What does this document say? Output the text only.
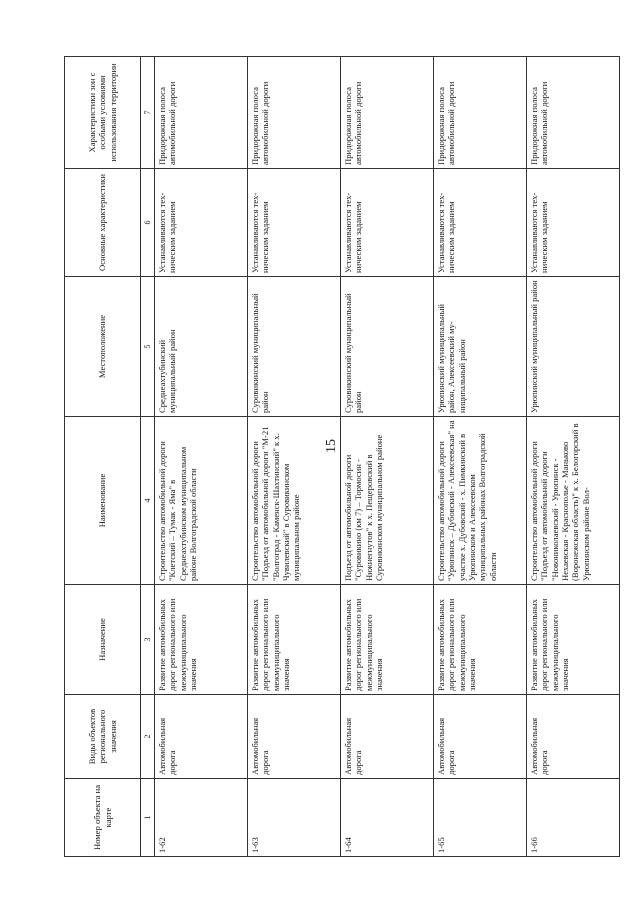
15
Номер объекта на карте	Виды объектов регионального значения	Назначение	Наименование	Местоположение	Основные характеристики	Характеристики зон с особыми условиями использования территории
1	2	3	4	5	6	7
1-62	Автомобильная дорога	Развитие автомобильных дорог регионального или межмуниципального значения	Строительство автомобильной дороги "Клетский – Тумак - Яма" в Среднеахтубинском муниципальном районе Волгоградской области	Среднеахтубинский муниципальный район	Устанавливаются техническим заданием	Придорожная полоса автомобильной дороги
1-63	Автомобильная дорога	Развитие автомобильных дорог регионального или межмуниципального значения	Строительство автомобильной дороги "Подъезд от автомобильной дороги "М-21 "Волгоград - Каменск-Шахтинский" к х. Чувилевский" в Суровикинском муниципальном районе	Суровикинский муниципальный район	Устанавливаются техническим заданием	Придорожная полоса автомобильной дороги
1-64	Автомобильная дорога	Развитие автомобильных дорог регионального или межмуниципального значения	Подъезд от автомобильной дороги "Суровикино (км 7) – Тормосин - Нижнегнутов" к х. Пещеровский в Суровикинском муниципальном районе	Суровикинский муниципальный район	Устанавливаются техническим заданием	Придорожная полоса автомобильной дороги
1-65	Автомобильная дорога	Развитие автомобильных дорог регионального или межмуниципального значения	Строительство автомобильной дороги "Урюпинск – Дубовский - Алексеевская" на участке х. Дубовский - х. Пимкинский в Урюпинском и Алексеевском муниципальных районах Волгоградской области	Урюпинский муниципальный район, Алексеевский муниципальный район	Устанавливаются техническим заданием	Придорожная полоса автомобильной дороги
1-66	Автомобильная дорога	Развитие автомобильных дорог регионального или межмуниципального значения	Строительство автомобильной дороги "Подъезд от автомобильной дороги "Новониколаевский - Урюпинск - Нехаевская - Краснополье - Маньково (Воронежская область)" к х. Белогорский в Урюпинском районе Вол-	Урюпинский муниципальный район	Устанавливаются техническим заданием	Придорожная полоса автомобильной дороги
